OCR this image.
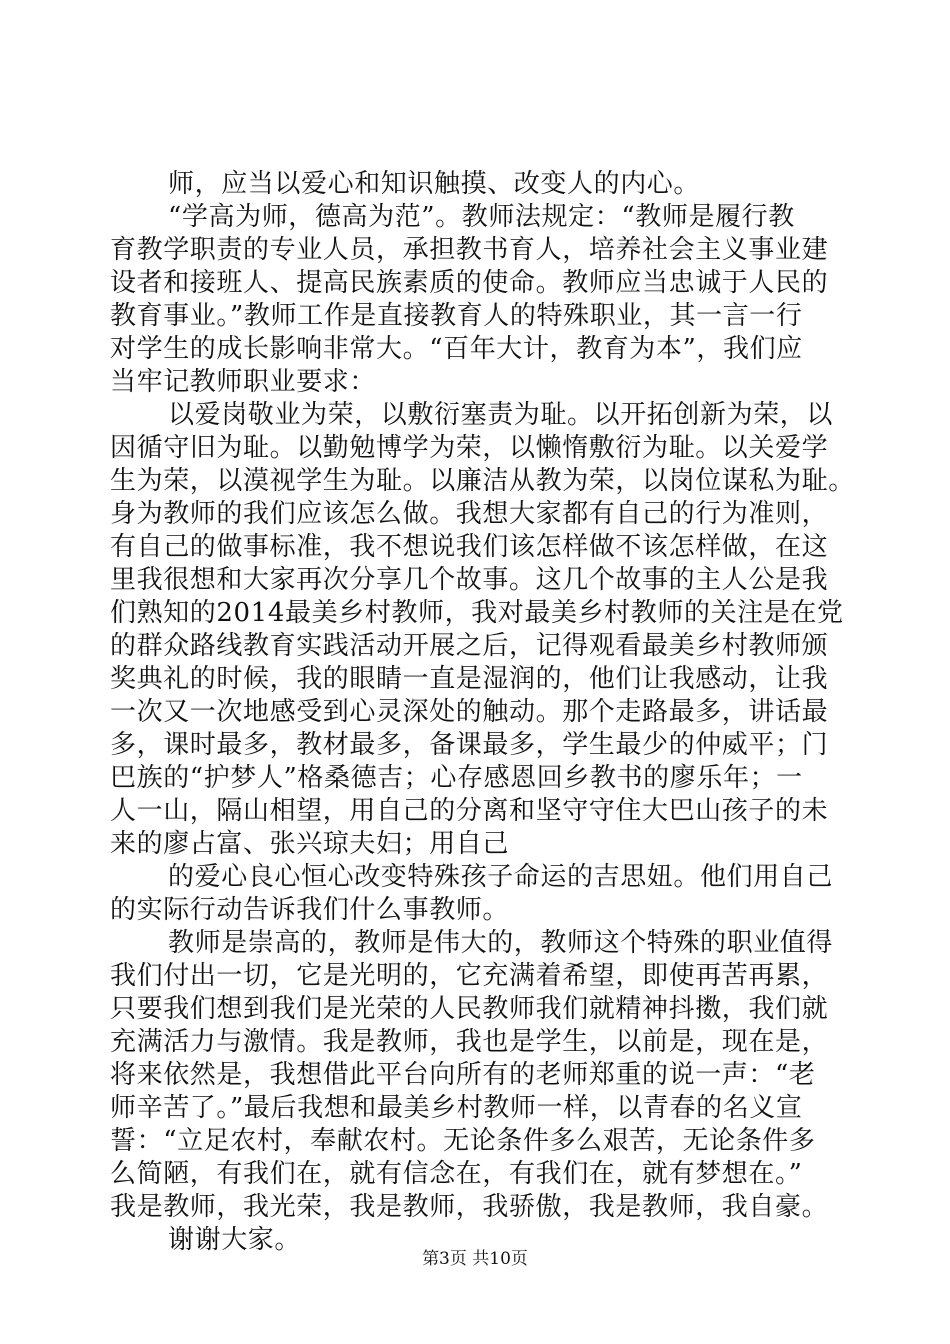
师，应当以爱心和知识触摸、改变人的内心。
“学高为师，德高为范”。教师法规定：“教师是履行教
育教学职责的专业人员，承担教书育人，培养社会主义事业建
设者和接班人、提高民族素质的使命。教师应当忠诚于人民的
教育事业。”教师工作是直接教育人的特殊职业，其一言一行
对学生的成长影响非常大。“百年大计，教育为本”，我们应
当牢记教师职业要求：
以爱岗敬业为荣，以敷衍塞责为耻。以开拓创新为荣，以
因循守旧为耻。以勤勉博学为荣，以懒惰敷衍为耻。以关爱学
生为荣，以漠视学生为耻。以廉洁从教为荣，以岗位谋私为耻。
身为教师的我们应该怎么做。我想大家都有自己的行为准则，
有自己的做事标准，我不想说我们该怎样做不该怎样做，在这
里我很想和大家再次分享几个故事。这几个故事的主人公是我
们熟知的2014最美乡村教师，我对最美乡村教师的关注是在党
的群众路线教育实践活动开展之后，记得观看最美乡村教师颁
奖典礼的时候，我的眼睛一直是湿润的，他们让我感动，让我
一次又一次地感受到心灵深处的触动。那个走路最多，讲话最
多，课时最多，教材最多，备课最多，学生最少的仲威平；门
巴族的“护梦人”格桑德吉；心存感恩回乡教书的廖乐年；一
人一山，隔山相望，用自己的分离和坚守守住大巴山孩子的未
来的廖占富、张兴琼夫妇；用自己
的爱心良心恒心改变特殊孩子命运的吉思妞。他们用自己
的实际行动告诉我们什么事教师。
教师是崇高的，教师是伟大的，教师这个特殊的职业值得
我们付出一切，它是光明的，它充满着希望，即使再苦再累，
只要我们想到我们是光荣的人民教师我们就精神抖擞，我们就
充满活力与激情。我是教师，我也是学生，以前是，现在是，
将来依然是，我想借此平台向所有的老师郑重的说一声：“老
师辛苦了。”最后我想和最美乡村教师一样，以青春的名义宣
誓：“立足农村，奉献农村。无论条件多么艰苦，无论条件多
么简陋，有我们在，就有信念在，有我们在，就有梦想在。”
我是教师，我光荣，我是教师，我骄傲，我是教师，我自豪。
谢谢大家。
第3页 共10页
